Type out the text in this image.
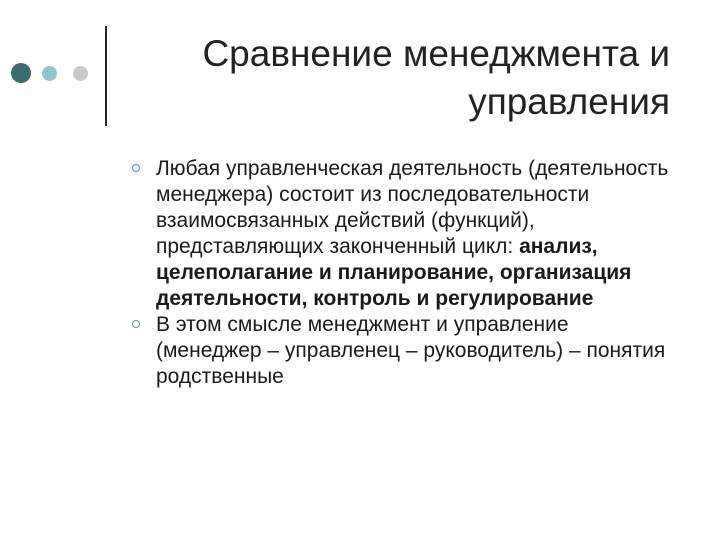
Сравнение менеджмента и
управления
Любая управленческая деятельность (деятельность менеджера) состоит из последовательности взаимосвязанных действий (функций), представляющих законченный цикл: анализ, целеполагание и планирование, организация деятельности, контроль и регулирование
В этом смысле менеджмент и управление (менеджер – управленец – руководитель) – понятия родственные
